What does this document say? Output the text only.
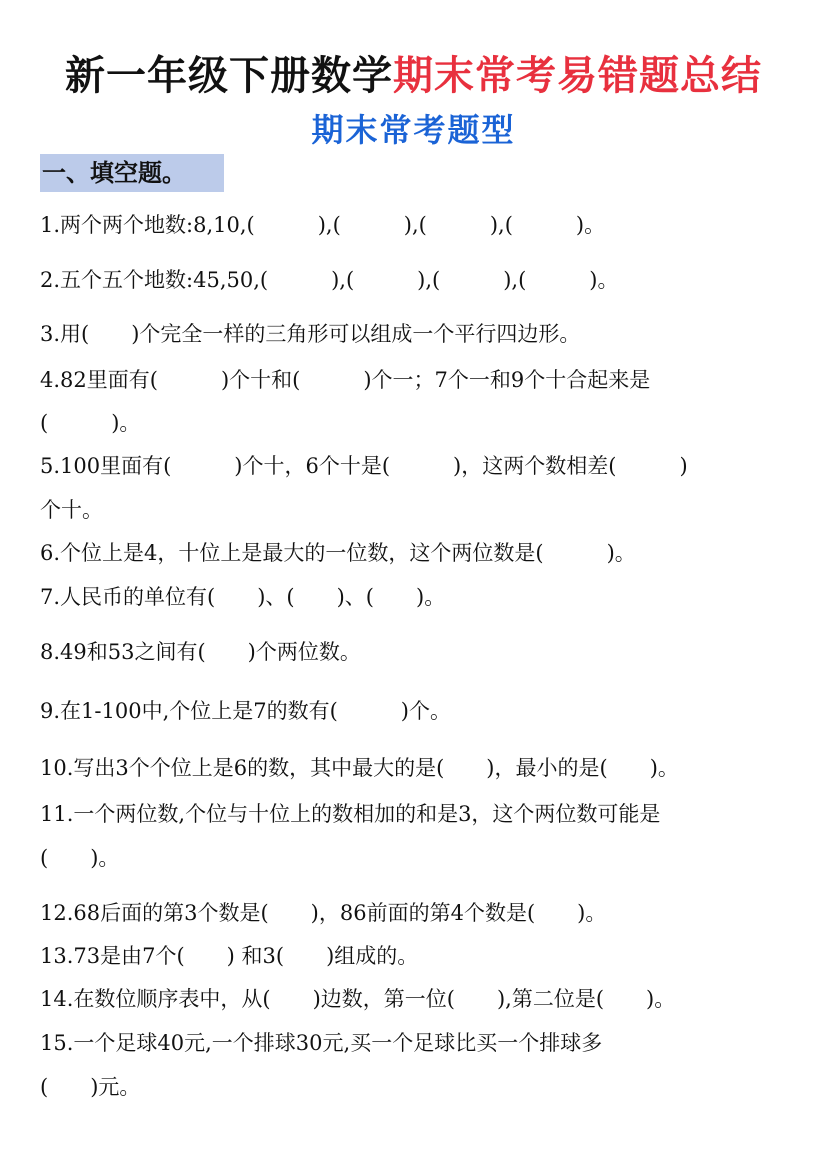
新一年级下册数学期末常考易错题总结
期末常考题型
一、填空题。
1.两个两个地数:8,10,(　　　),(　　　),(　　　),(　　　)。
2.五个五个地数:45,50,(　　　),(　　　),(　　　),(　　　)。
3.用(　　)个完全一样的三角形可以组成一个平行四边形。
4.82里面有(　　　)个十和(　　　)个一；7个一和9个十合起来是
(　　　)。
5.100里面有(　　　)个十，6个十是(　　　)，这两个数相差(　　　)
个十。
6.个位上是4，十位上是最大的一位数，这个两位数是(　　　)。
7.人民币的单位有(　　)、(　　)、(　　)。
8.49和53之间有(　　)个两位数。
9.在1-100中,个位上是7的数有(　　　)个。
10.写出3个个位上是6的数，其中最大的是(　　)，最小的是(　　)。
11.一个两位数,个位与十位上的数相加的和是3，这个两位数可能是
(　　)。
12.68后面的第3个数是(　　)，86前面的第4个数是(　　)。
13.73是由7个(　　) 和3(　　)组成的。
14.在数位顺序表中，从(　　)边数，第一位(　　),第二位是(　　)。
15.一个足球40元,一个排球30元,买一个足球比买一个排球多
(　　)元。
